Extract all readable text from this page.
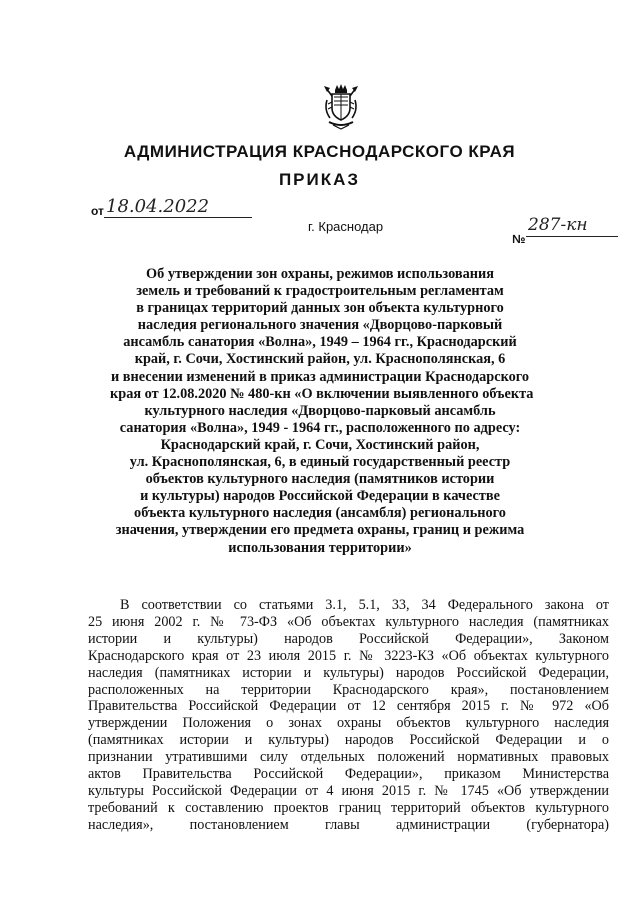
АДМИНИСТРАЦИЯ КРАСНОДАРСКОГО КРАЯ
ПРИКАЗ
от 18.04.2022
г. Краснодар
№
287-кн

Об утверждении зон охраны, режимов использования
земель и требований к градостроительным регламентам
в границах территорий данных зон объекта культурного
наследия регионального значения «Дворцово-парковый
ансамбль санатория «Волна», 1949 – 1964 гг., Краснодарский
край, г. Сочи, Хостинский район, ул. Краснополянская, 6
и внесении изменений в приказ администрации Краснодарского
края от 12.08.2020 № 480-кн «О включении выявленного объекта
культурного наследия «Дворцово-парковый ансамбль
санатория «Волна», 1949 - 1964 гг., расположенного по адресу:
Краснодарский край, г. Сочи, Хостинский район,
ул. Краснополянская, 6, в единый государственный реестр
объектов культурного наследия (памятников истории
и культуры) народов Российской Федерации в качестве
объекта культурного наследия (ансамбля) регионального
значения, утверждении его предмета охраны, границ и режима
использования территории»

В соответствии со статьями 3.1, 5.1, 33, 34 Федерального закона от
25 июня 2002 г. № 73-ФЗ «Об объектах культурного наследия (памятниках
истории и культуры) народов Российской Федерации», Законом
Краснодарского края от 23 июля 2015 г. № 3223-КЗ «Об объектах культурного
наследия (памятниках истории и культуры) народов Российской Федерации,
расположенных на территории Краснодарского края», постановлением
Правительства Российской Федерации от 12 сентября 2015 г. № 972 «Об
утверждении Положения о зонах охраны объектов культурного наследия
(памятниках истории и культуры) народов Российской Федерации и о
признании утратившими силу отдельных положений нормативных правовых
актов Правительства Российской Федерации», приказом Министерства
культуры Российской Федерации от 4 июня 2015 г. № 1745 «Об утверждении
требований к составлению проектов границ территорий объектов культурного
наследия», постановлением главы администрации (губернатора)
